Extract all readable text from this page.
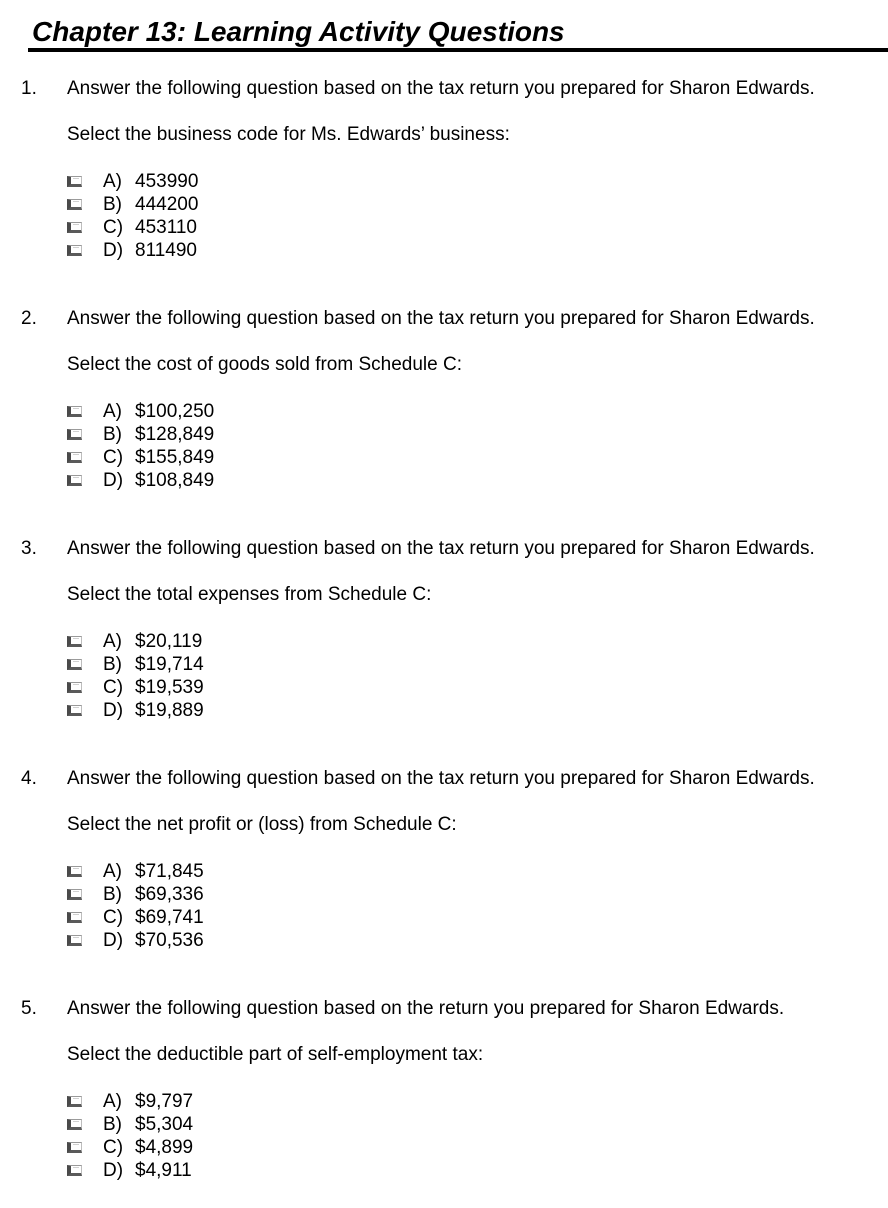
Chapter 13: Learning Activity Questions
1. Answer the following question based on the tax return you prepared for Sharon Edwards.
Select the business code for Ms. Edwards’ business:
A) 453990
B) 444200
C) 453110
D) 811490
2. Answer the following question based on the tax return you prepared for Sharon Edwards.
Select the cost of goods sold from Schedule C:
A) $100,250
B) $128,849
C) $155,849
D) $108,849
3. Answer the following question based on the tax return you prepared for Sharon Edwards.
Select the total expenses from Schedule C:
A) $20,119
B) $19,714
C) $19,539
D) $19,889
4. Answer the following question based on the tax return you prepared for Sharon Edwards.
Select the net profit or (loss) from Schedule C:
A) $71,845
B) $69,336
C) $69,741
D) $70,536
5. Answer the following question based on the return you prepared for Sharon Edwards.
Select the deductible part of self-employment tax:
A) $9,797
B) $5,304
C) $4,899
D) $4,911
